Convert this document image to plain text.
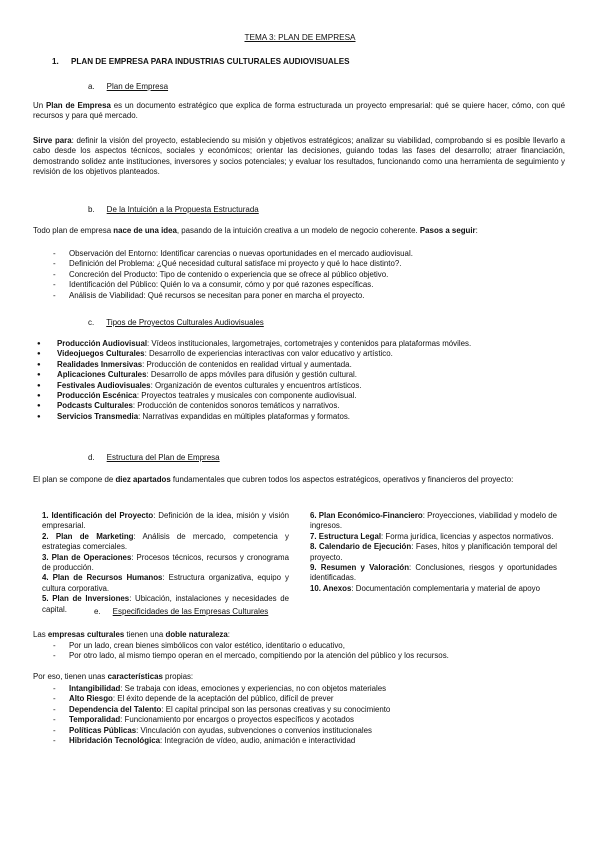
TEMA 3: PLAN DE EMPRESA
1. PLAN DE EMPRESA PARA INDUSTRIAS CULTURALES AUDIOVISUALES
a. Plan de Empresa
Un Plan de Empresa es un documento estratégico que explica de forma estructurada un proyecto empresarial: qué se quiere hacer, cómo, con qué recursos y para qué mercado.
Sirve para: definir la visión del proyecto, estableciendo su misión y objetivos estratégicos; analizar su viabilidad, comprobando si es posible llevarlo a cabo desde los aspectos técnicos, sociales y económicos; orientar las decisiones, guiando todas las fases del desarrollo; atraer financiación, demostrando solidez ante instituciones, inversores y socios potenciales; y evaluar los resultados, funcionando como una herramienta de seguimiento y revisión de los objetivos planteados.
b. De la Intuición a la Propuesta Estructurada
Todo plan de empresa nace de una idea, pasando de la intuición creativa a un modelo de negocio coherente. Pasos a seguir:
- Observación del Entorno: Identificar carencias o nuevas oportunidades en el mercado audiovisual.
- Definición del Problema: ¿Qué necesidad cultural satisface mi proyecto y qué lo hace distinto?.
- Concreción del Producto: Tipo de contenido o experiencia que se ofrece al público objetivo.
- Identificación del Público: Quién lo va a consumir, cómo y por qué razones específicas.
- Análisis de Viabilidad: Qué recursos se necesitan para poner en marcha el proyecto.
c. Tipos de Proyectos Culturales Audiovisuales
● Producción Audiovisual: Vídeos institucionales, largometrajes, cortometrajes y contenidos para plataformas móviles.
● Videojuegos Culturales: Desarrollo de experiencias interactivas con valor educativo y artístico.
● Realidades Inmersivas: Producción de contenidos en realidad virtual y aumentada.
● Aplicaciones Culturales: Desarrollo de apps móviles para difusión y gestión cultural.
● Festivales Audiovisuales: Organización de eventos culturales y encuentros artísticos.
● Producción Escénica: Proyectos teatrales y musicales con componente audiovisual.
● Podcasts Culturales: Producción de contenidos sonoros temáticos y narrativos.
● Servicios Transmedia: Narrativas expandidas en múltiples plataformas y formatos.
d. Estructura del Plan de Empresa
El plan se compone de diez apartados fundamentales que cubren todos los aspectos estratégicos, operativos y financieros del proyecto:
1. Identificación del Proyecto: Definición de la idea, misión y visión empresarial.
2. Plan de Marketing: Análisis de mercado, competencia y estrategias comerciales.
3. Plan de Operaciones: Procesos técnicos, recursos y cronograma de producción.
4. Plan de Recursos Humanos: Estructura organizativa, equipo y cultura corporativa.
5. Plan de Inversiones: Ubicación, instalaciones y necesidades de capital.
6. Plan Económico-Financiero: Proyecciones, viabilidad y modelo de ingresos.
7. Estructura Legal: Forma jurídica, licencias y aspectos normativos.
8. Calendario de Ejecución: Fases, hitos y planificación temporal del proyecto.
9. Resumen y Valoración: Conclusiones, riesgos y oportunidades identificadas.
10. Anexos: Documentación complementaria y material de apoyo
e. Especificidades de las Empresas Culturales
Las empresas culturales tienen una doble naturaleza:
- Por un lado, crean bienes simbólicos con valor estético, identitario o educativo,
- Por otro lado, al mismo tiempo operan en el mercado, compitiendo por la atención del público y los recursos.
Por eso, tienen unas características propias:
- Intangibilidad: Se trabaja con ideas, emociones y experiencias, no con objetos materiales
- Alto Riesgo: El éxito depende de la aceptación del público, difícil de prever
- Dependencia del Talento: El capital principal son las personas creativas y su conocimiento
- Temporalidad: Funcionamiento por encargos o proyectos específicos y acotados
- Políticas Públicas: Vinculación con ayudas, subvenciones o convenios institucionales
- Hibridación Tecnológica: Integración de vídeo, audio, animación e interactividad
